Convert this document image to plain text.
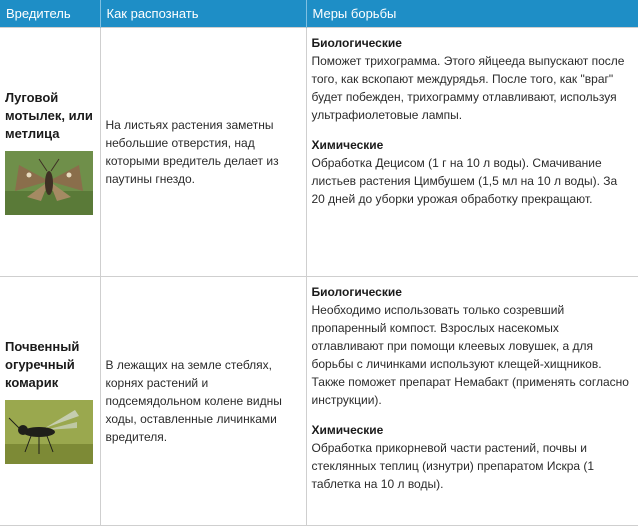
Вредитель	Как распознать	Меры борьбы

Луговой мотылек, или метлица	На листьях растения заметны небольшие отверстия, над которыми вредитель делает из паутины гнездо.	Биологические

Поможет трихограмма. Этого яйцееда выпускают после того, как вскопают междурядья. После того, как "враг" будет побежден, трихограмму отлавливают, используя ультрафиолетовые лампы.

Химические

Обработка Децисом (1 г на 10 л воды). Смачивание листьев растения Цимбушем (1,5 мл на 10 л воды). За 20 дней до уборки урожая обработку прекращают.

Почвенный огуречный комарик	В лежащих на земле стеблях, корнях растений и подсемядольном колене видны ходы, оставленные личинками вредителя.	Биологические

Необходимо использовать только созревший пропаренный компост. Взрослых насекомых отлавливают при помощи клеевых ловушек, а для борьбы с личинками используют клещей-хищников. Также поможет препарат Немабакт (применять согласно инструкции).

Химические

Обработка прикорневой части растений, почвы и стеклянных теплиц (изнутри) препаратом Искра (1 таблетка на 10 л воды).
